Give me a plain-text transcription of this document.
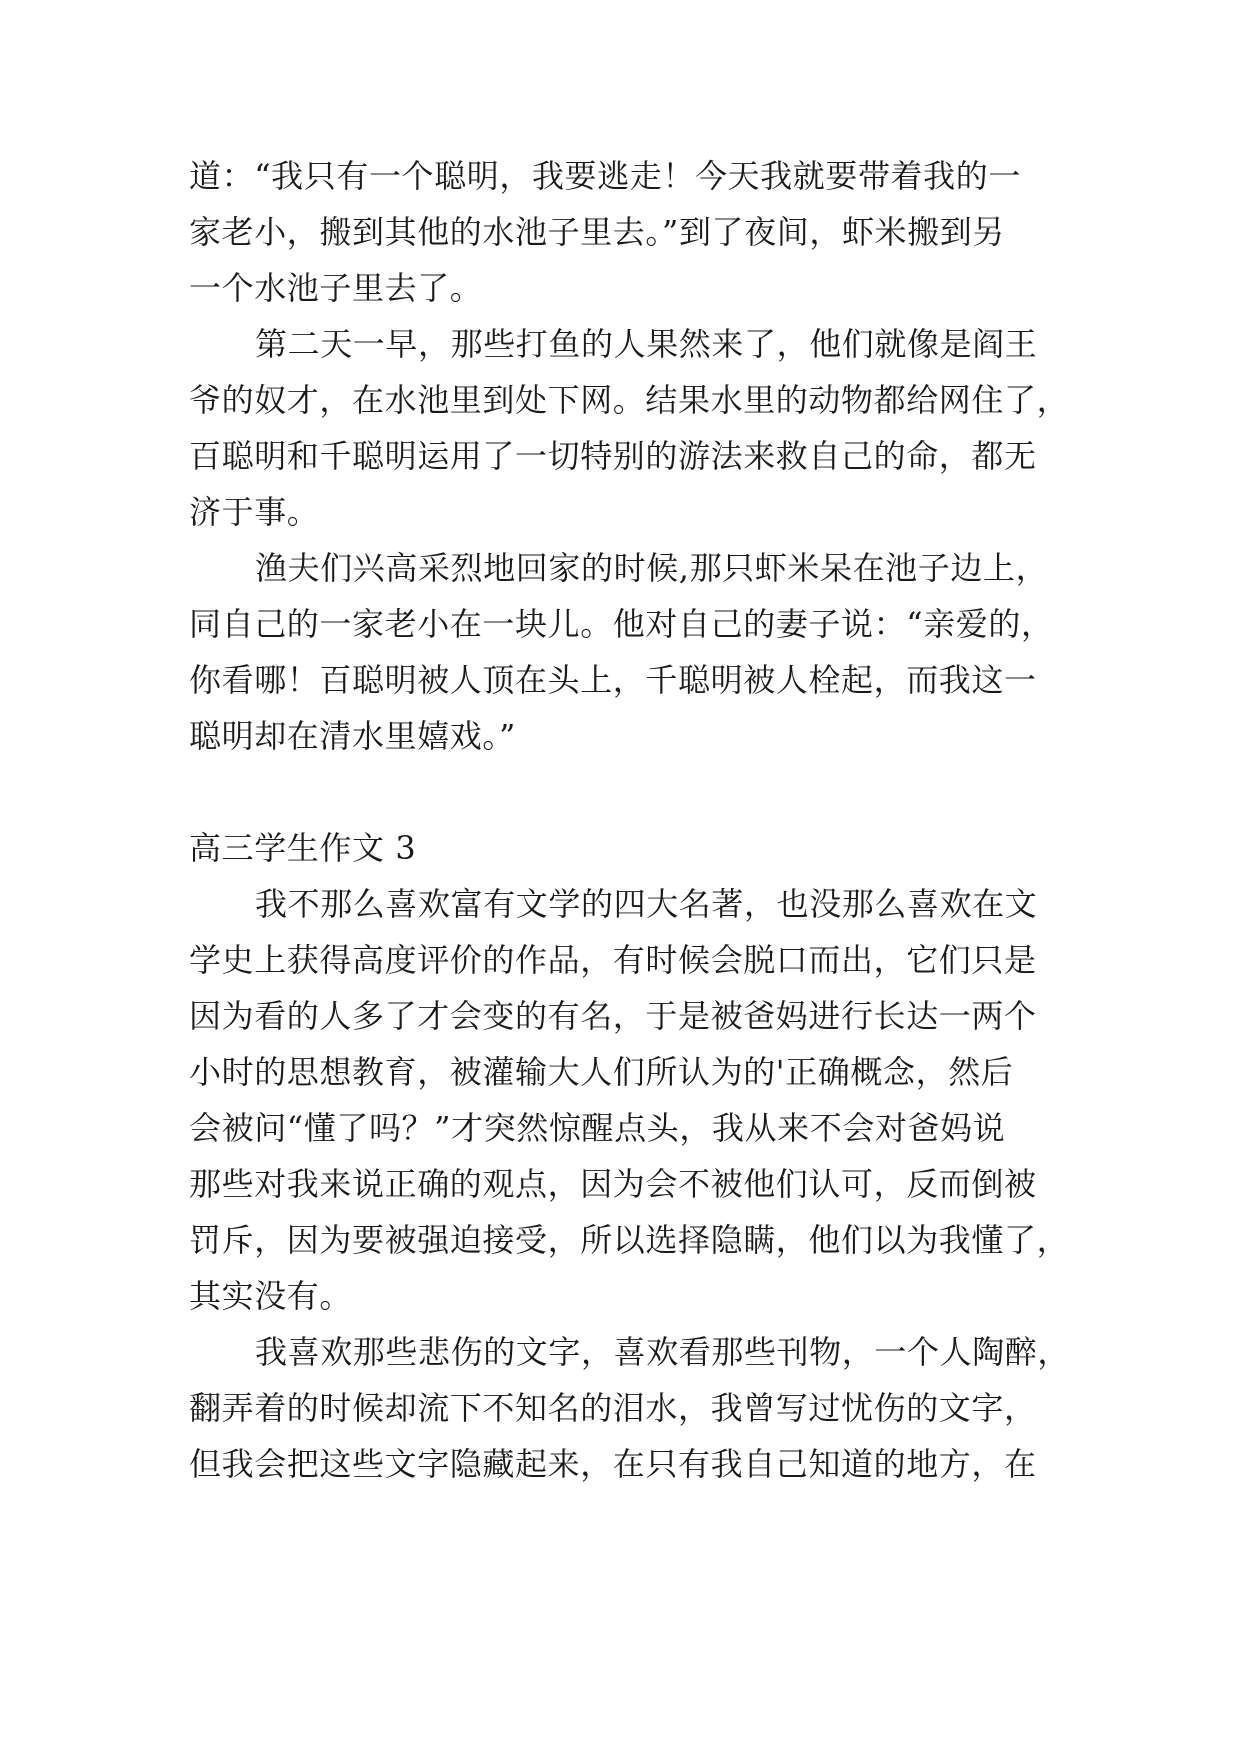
道：“我只有一个聪明，我要逃走！今天我就要带着我的一
家老小，搬到其他的水池子里去。”到了夜间，虾米搬到另
一个水池子里去了。
第二天一早，那些打鱼的人果然来了，他们就像是阎王
爷的奴才，在水池里到处下网。结果水里的动物都给网住了，
百聪明和千聪明运用了一切特别的游法来救自己的命，都无
济于事。
渔夫们兴高采烈地回家的时候,那只虾米呆在池子边上，
同自己的一家老小在一块儿。他对自己的妻子说：“亲爱的，
你看哪！百聪明被人顶在头上，千聪明被人栓起，而我这一
聪明却在清水里嬉戏。”
高三学生作文 3
我不那么喜欢富有文学的四大名著，也没那么喜欢在文
学史上获得高度评价的作品，有时候会脱口而出，它们只是
因为看的人多了才会变的有名，于是被爸妈进行长达一两个
小时的思想教育，被灌输大人们所认为的'正确概念，然后
会被问“懂了吗？”才突然惊醒点头，我从来不会对爸妈说
那些对我来说正确的观点，因为会不被他们认可，反而倒被
罚斥，因为要被强迫接受，所以选择隐瞒，他们以为我懂了，
其实没有。
我喜欢那些悲伤的文字，喜欢看那些刊物，一个人陶醉，
翻弄着的时候却流下不知名的泪水，我曾写过忧伤的文字，
但我会把这些文字隐藏起来，在只有我自己知道的地方，在
